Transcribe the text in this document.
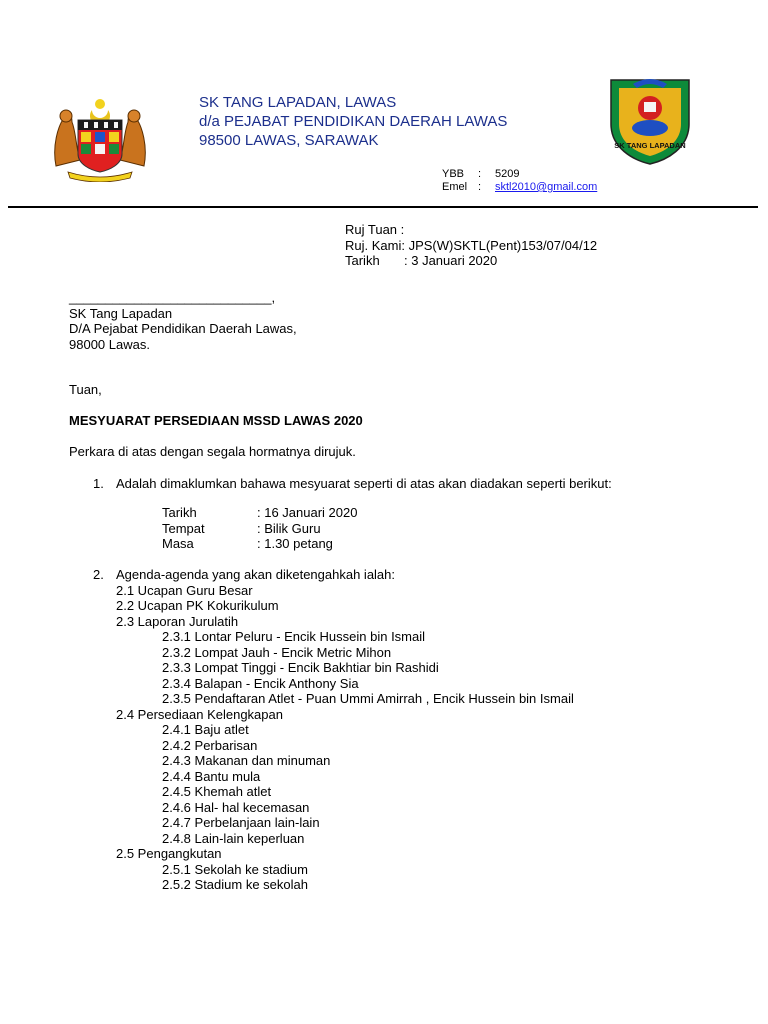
SK TANG LAPADAN, LAWAS
d/a PEJABAT PENDIDIKAN DAERAH LAWAS
98500 LAWAS, SARAWAK	SK TANG LAPADAN
YBB	:	5209
Emel :	sktl2010@gmail.com
Ruj Tuan :
Ruj. Kami: JPS(W)SKTL(Pent)153/07/04/12
Tarikh	: 3 Januari 2020
____________________________,
SK Tang Lapadan
D/A Pejabat Pendidikan Daerah Lawas,
98000 Lawas.
Tuan,
MESYUARAT PERSEDIAAN MSSD LAWAS 2020
Perkara di atas dengan segala hormatnya dirujuk.
1. Adalah dimaklumkan bahawa mesyuarat seperti di atas akan diadakan seperti berikut:
Tarikh	: 16 Januari 2020
Tempat	: Bilik Guru
Masa	: 1.30 petang
2. Agenda-agenda yang akan diketengahkah ialah:
2.1 Ucapan Guru Besar
2.2 Ucapan PK Kokurikulum
2.3 Laporan Jurulatih
2.3.1 Lontar Peluru - Encik Hussein bin Ismail
2.3.2 Lompat Jauh - Encik Metric Mihon
2.3.3 Lompat Tinggi - Encik Bakhtiar bin Rashidi
2.3.4 Balapan - Encik Anthony Sia
2.3.5 Pendaftaran Atlet - Puan Ummi Amirrah , Encik Hussein bin Ismail
2.4 Persediaan Kelengkapan
2.4.1 Baju atlet
2.4.2 Perbarisan
2.4.3 Makanan dan minuman
2.4.4 Bantu mula
2.4.5 Khemah atlet
2.4.6 Hal- hal kecemasan
2.4.7 Perbelanjaan lain-lain
2.4.8 Lain-lain keperluan
2.5 Pengangkutan
2.5.1 Sekolah ke stadium
2.5.2 Stadium ke sekolah
